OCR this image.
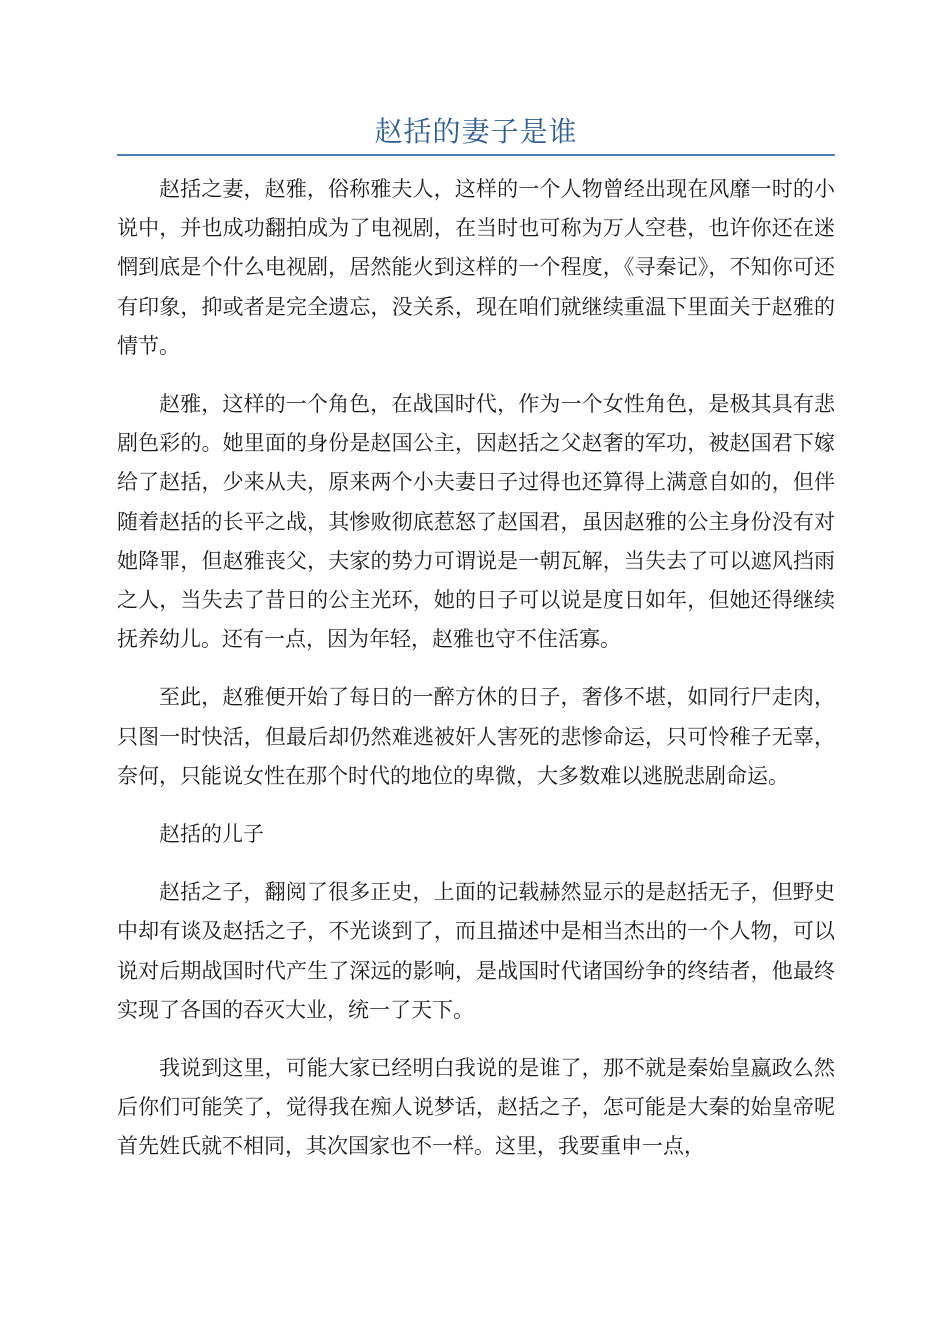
赵括的妻子是谁

赵括之妻，赵雅，俗称雅夫人，这样的一个人物曾经出现在风靡一时的小说中，并也成功翻拍成为了电视剧，在当时也可称为万人空巷，也许你还在迷惘到底是个什么电视剧，居然能火到这样的一个程度，《寻秦记》，不知你可还有印象，抑或者是完全遗忘，没关系，现在咱们就继续重温下里面关于赵雅的情节。

赵雅，这样的一个角色，在战国时代，作为一个女性角色，是极其具有悲剧色彩的。她里面的身份是赵国公主，因赵括之父赵奢的军功，被赵国君下嫁给了赵括，少来从夫，原来两个小夫妻日子过得也还算得上满意自如的，但伴随着赵括的长平之战，其惨败彻底惹怒了赵国君，虽因赵雅的公主身份没有对她降罪，但赵雅丧父，夫家的势力可谓说是一朝瓦解，当失去了可以遮风挡雨之人，当失去了昔日的公主光环，她的日子可以说是度日如年，但她还得继续抚养幼儿。还有一点，因为年轻，赵雅也守不住活寡。

至此，赵雅便开始了每日的一醉方休的日子，奢侈不堪，如同行尸走肉，只图一时快活，但最后却仍然难逃被奸人害死的悲惨命运，只可怜稚子无辜，奈何，只能说女性在那个时代的地位的卑微，大多数难以逃脱悲剧命运。

赵括的儿子

赵括之子，翻阅了很多正史，上面的记载赫然显示的是赵括无子，但野史中却有谈及赵括之子，不光谈到了，而且描述中是相当杰出的一个人物，可以说对后期战国时代产生了深远的影响，是战国时代诸国纷争的终结者，他最终实现了各国的吞灭大业，统一了天下。

我说到这里，可能大家已经明白我说的是谁了，那不就是秦始皇嬴政么然后你们可能笑了，觉得我在痴人说梦话，赵括之子，怎可能是大秦的始皇帝呢首先姓氏就不相同，其次国家也不一样。这里，我要重申一点，
